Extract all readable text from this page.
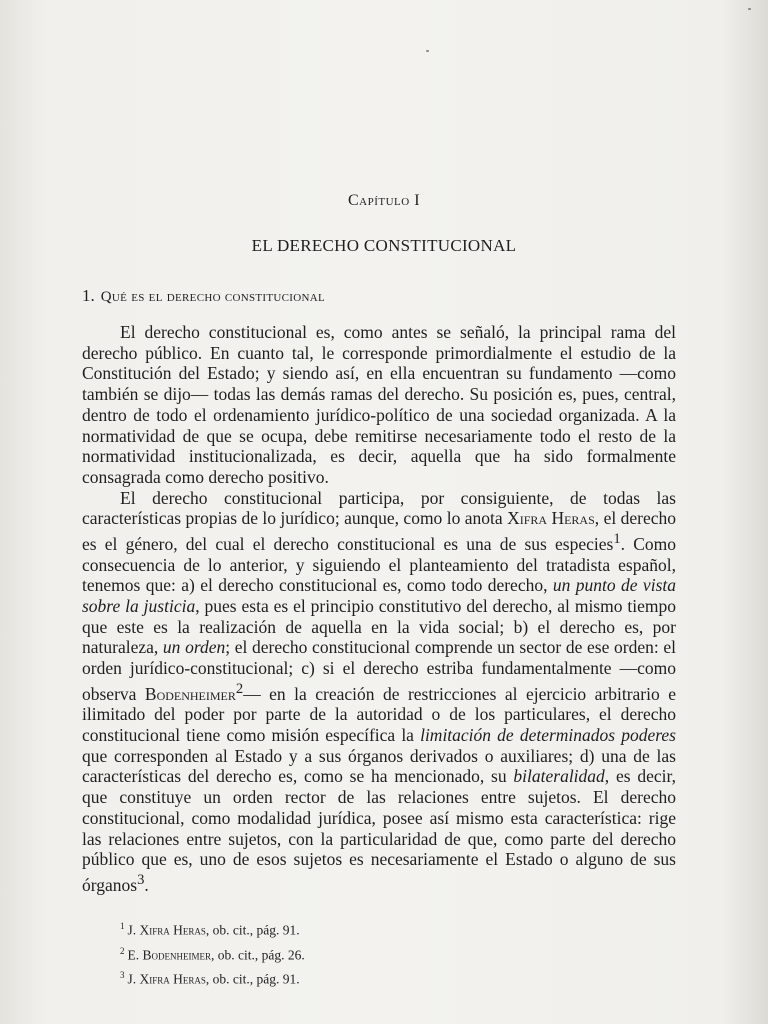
Capítulo I
EL DERECHO CONSTITUCIONAL
1. Qué es el derecho constitucional

El derecho constitucional es, como antes se señaló, la principal rama del derecho público. En cuanto tal, le corresponde primordialmente el estudio de la Constitución del Estado; y siendo así, en ella encuentran su fundamento —como también se dijo— todas las demás ramas del derecho. Su posición es, pues, central, dentro de todo el ordenamiento jurídico-político de una sociedad organizada. A la normatividad de que se ocupa, debe remitirse necesariamente todo el resto de la normatividad institucionalizada, es decir, aquella que ha sido formalmente consagrada como derecho positivo.

El derecho constitucional participa, por consiguiente, de todas las características propias de lo jurídico; aunque, como lo anota Xifra Heras, el derecho es el género, del cual el derecho constitucional es una de sus especies$^1$. Como consecuencia de lo anterior, y siguiendo el planteamiento del tratadista español, tenemos que: a) el derecho constitucional es, como todo derecho, un punto de vista sobre la justicia, pues esta es el principio constitutivo del derecho, al mismo tiempo que este es la realización de aquella en la vida social; b) el derecho es, por naturaleza, un orden; el derecho constitucional comprende un sector de ese orden: el orden jurídico-constitucional; c) si el derecho estriba fundamentalmente —como observa Bodenheimer$^2$— en la creación de restricciones al ejercicio arbitrario e ilimitado del poder por parte de la autoridad o de los particulares, el derecho constitucional tiene como misión específica la limitación de determinados poderes que corresponden al Estado y a sus órganos derivados o auxiliares; d) una de las características del derecho es, como se ha mencionado, su bilateralidad, es decir, que constituye un orden rector de las relaciones entre sujetos. El derecho constitucional, como modalidad jurídica, posee así mismo esta característica: rige las relaciones entre sujetos, con la particularidad de que, como parte del derecho público que es, uno de esos sujetos es necesariamente el Estado o alguno de sus órganos$^3$.

$^1$ J. Xifra Heras, ob. cit., pág. 91.
$^2$ E. Bodenheimer, ob. cit., pág. 26.
$^3$ J. Xifra Heras, ob. cit., pág. 91.
